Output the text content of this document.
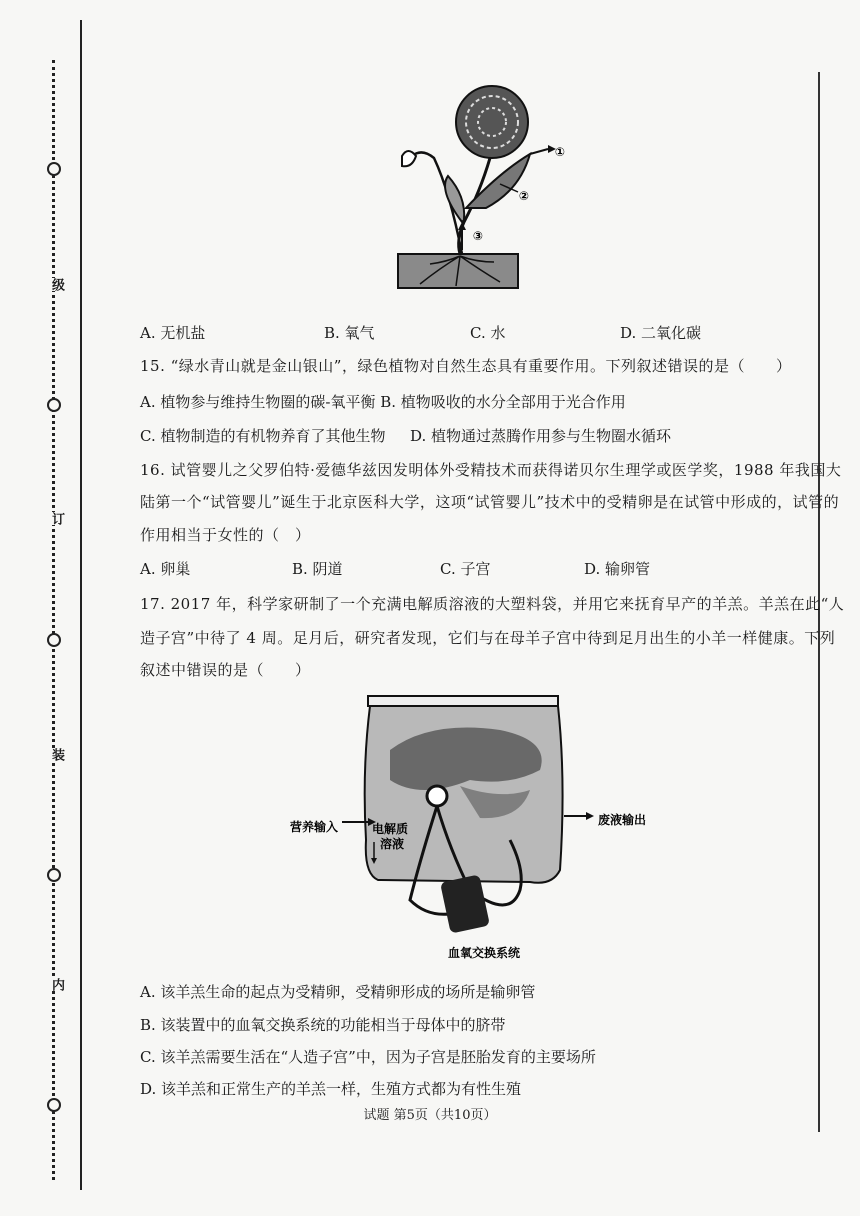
级
订
装
内
①
②
③
A. 无机盐	B. 氧气	C. 水	D. 二氧化碳
15. “绿水青山就是金山银山”，绿色植物对自然生态具有重要作用。下列叙述错误的是（　　）
A. 植物参与维持生物圈的碳-氧平衡 B. 植物吸收的水分全部用于光合作用
C. 植物制造的有机物养育了其他生物 D. 植物通过蒸腾作用参与生物圈水循环
16. 试管婴儿之父罗伯特·爱德华兹因发明体外受精技术而获得诺贝尔生理学或医学奖，1988 年我国大
陆第一个“试管婴儿”诞生于北京医科大学，这项“试管婴儿”技术中的受精卵是在试管中形成的，试管的
作用相当于女性的（　）
A. 卵巢	B. 阴道	C. 子宫	D. 输卵管
17. 2017 年，科学家研制了一个充满电解质溶液的大塑料袋，并用它来抚育早产的羊羔。羊羔在此“人
造子宫”中待了 4 周。足月后，研究者发现，它们与在母羊子宫中待到足月出生的小羊一样健康。下列
叙述中错误的是（　　）
营养输入	电解质
溶液
废液输出
血氧交换系统
A. 该羊羔生命的起点为受精卵，受精卵形成的场所是输卵管
B. 该装置中的血氧交换系统的功能相当于母体中的脐带
C. 该羊羔需要生活在“人造子宫”中，因为子宫是胚胎发育的主要场所
D. 该羊羔和正常生产的羊羔一样，生殖方式都为有性生殖
试题 第5页（共10页）
